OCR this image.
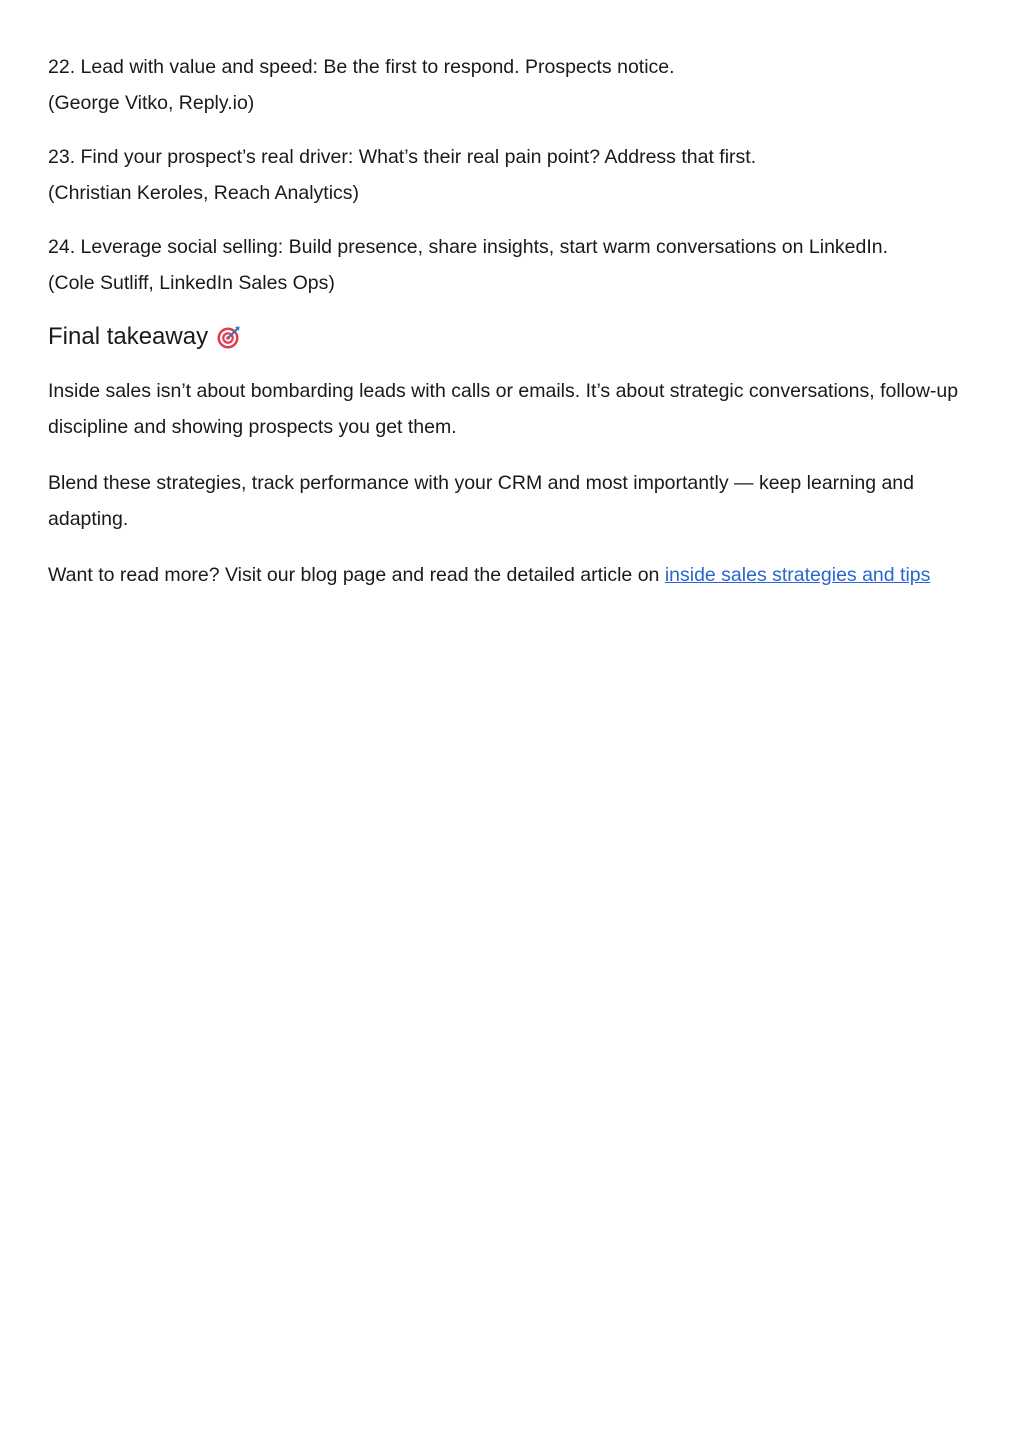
22. Lead with value and speed: Be the first to respond. Prospects notice.
(George Vitko, Reply.io)
23. Find your prospect’s real driver: What’s their real pain point? Address that first.
(Christian Keroles, Reach Analytics)
24. Leverage social selling: Build presence, share insights, start warm conversations on LinkedIn.
(Cole Sutliff, LinkedIn Sales Ops)
Final takeaway

Inside sales isn’t about bombarding leads with calls or emails. It’s about strategic conversations, follow-up discipline and showing prospects you get them.

Blend these strategies, track performance with your CRM and most importantly — keep learning and adapting.

Want to read more? Visit our blog page and read the detailed article on inside sales strategies and tips
